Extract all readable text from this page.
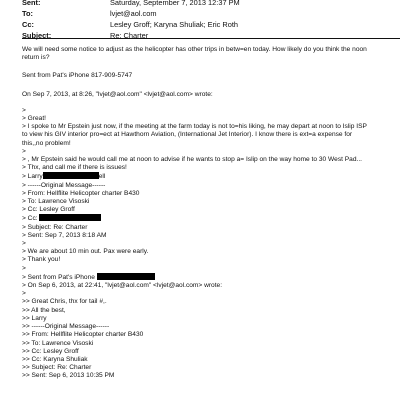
Sent:	Saturday, September 7, 2013 12:37 PM
To:	lvjet@aol.com
Cc:	Lesley Groff; Karyna Shuliak; Eric Roth
Subject:	Re: Charter
We will need some notice to adjust as the helicopter has other trips in betw=en today. How likely do you think the noon
return is?
Sent from Pat's iPhone 817-909-5747
On Sep 7, 2013, at 8:26, "lvjet@aol.com" <lvjet@aol.com> wrote:
>
> Great!
> I spoke to Mr Epstein just now, if the meeting at the farm today is not to=his liking, he may depart at noon to Islip ISP
to view his GIV interior pro=ect at Hawthorn Aviation, (International Jet Interior). I know there is ext=a expense for
this,,no problem!
>
> , Mr Epstein said he would call me at noon to advise if he wants to stop a= Islip on the way home to 30 West Pad...
> Thx, and call me if there is issues!
> Larry	ell
> ------Original Message------
> From: Hellflite Helicopter charter B430
> To: Lawrence Visoski
> Cc: Lesley Groff
> Cc:
> Subject: Re: Charter
> Sent: Sep 7, 2013 8:18 AM
>
> We are about 10 min out. Pax were early.
> Thank you!
>
> Sent from Pat's iPhone
> On Sep 6, 2013, at 22:41, "lvjet@aol.com" <lvjet@aol.com> wrote:
>
>> Great Chris, thx for tail #,.
>> All the best,
>> Larry
>> ------Original Message------
>> From: Hellflite Helicopter charter B430
>> To: Lawrence Visoski
>> Cc: Lesley Groff
>> Cc: Karyna Shuliak
>> Subject: Re: Charter
>> Sent: Sep 6, 2013 10:35 PM
